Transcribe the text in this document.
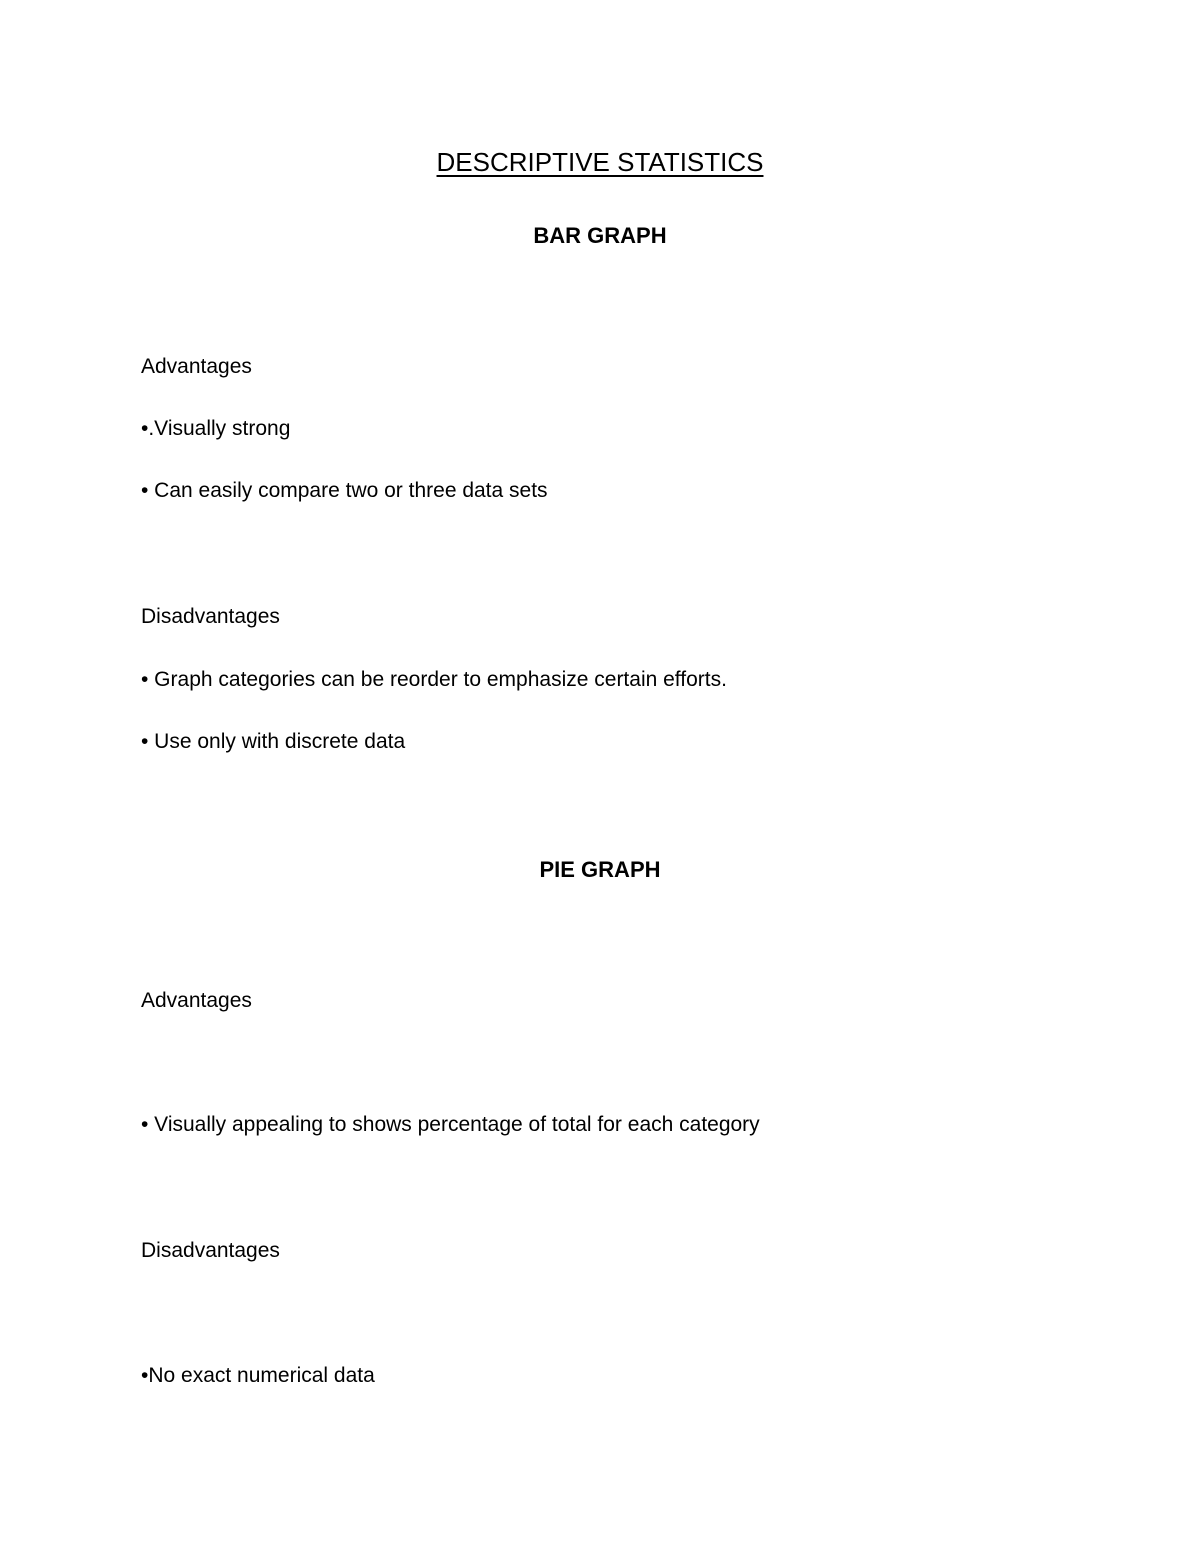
DESCRIPTIVE STATISTICS
BAR GRAPH
Advantages
•.Visually strong
• Can easily compare two or three data sets
Disadvantages
• Graph categories can be reorder to emphasize certain efforts.
• Use only with discrete data
PIE GRAPH
Advantages
• Visually appealing to shows percentage of total for each category
Disadvantages
•No exact numerical data
